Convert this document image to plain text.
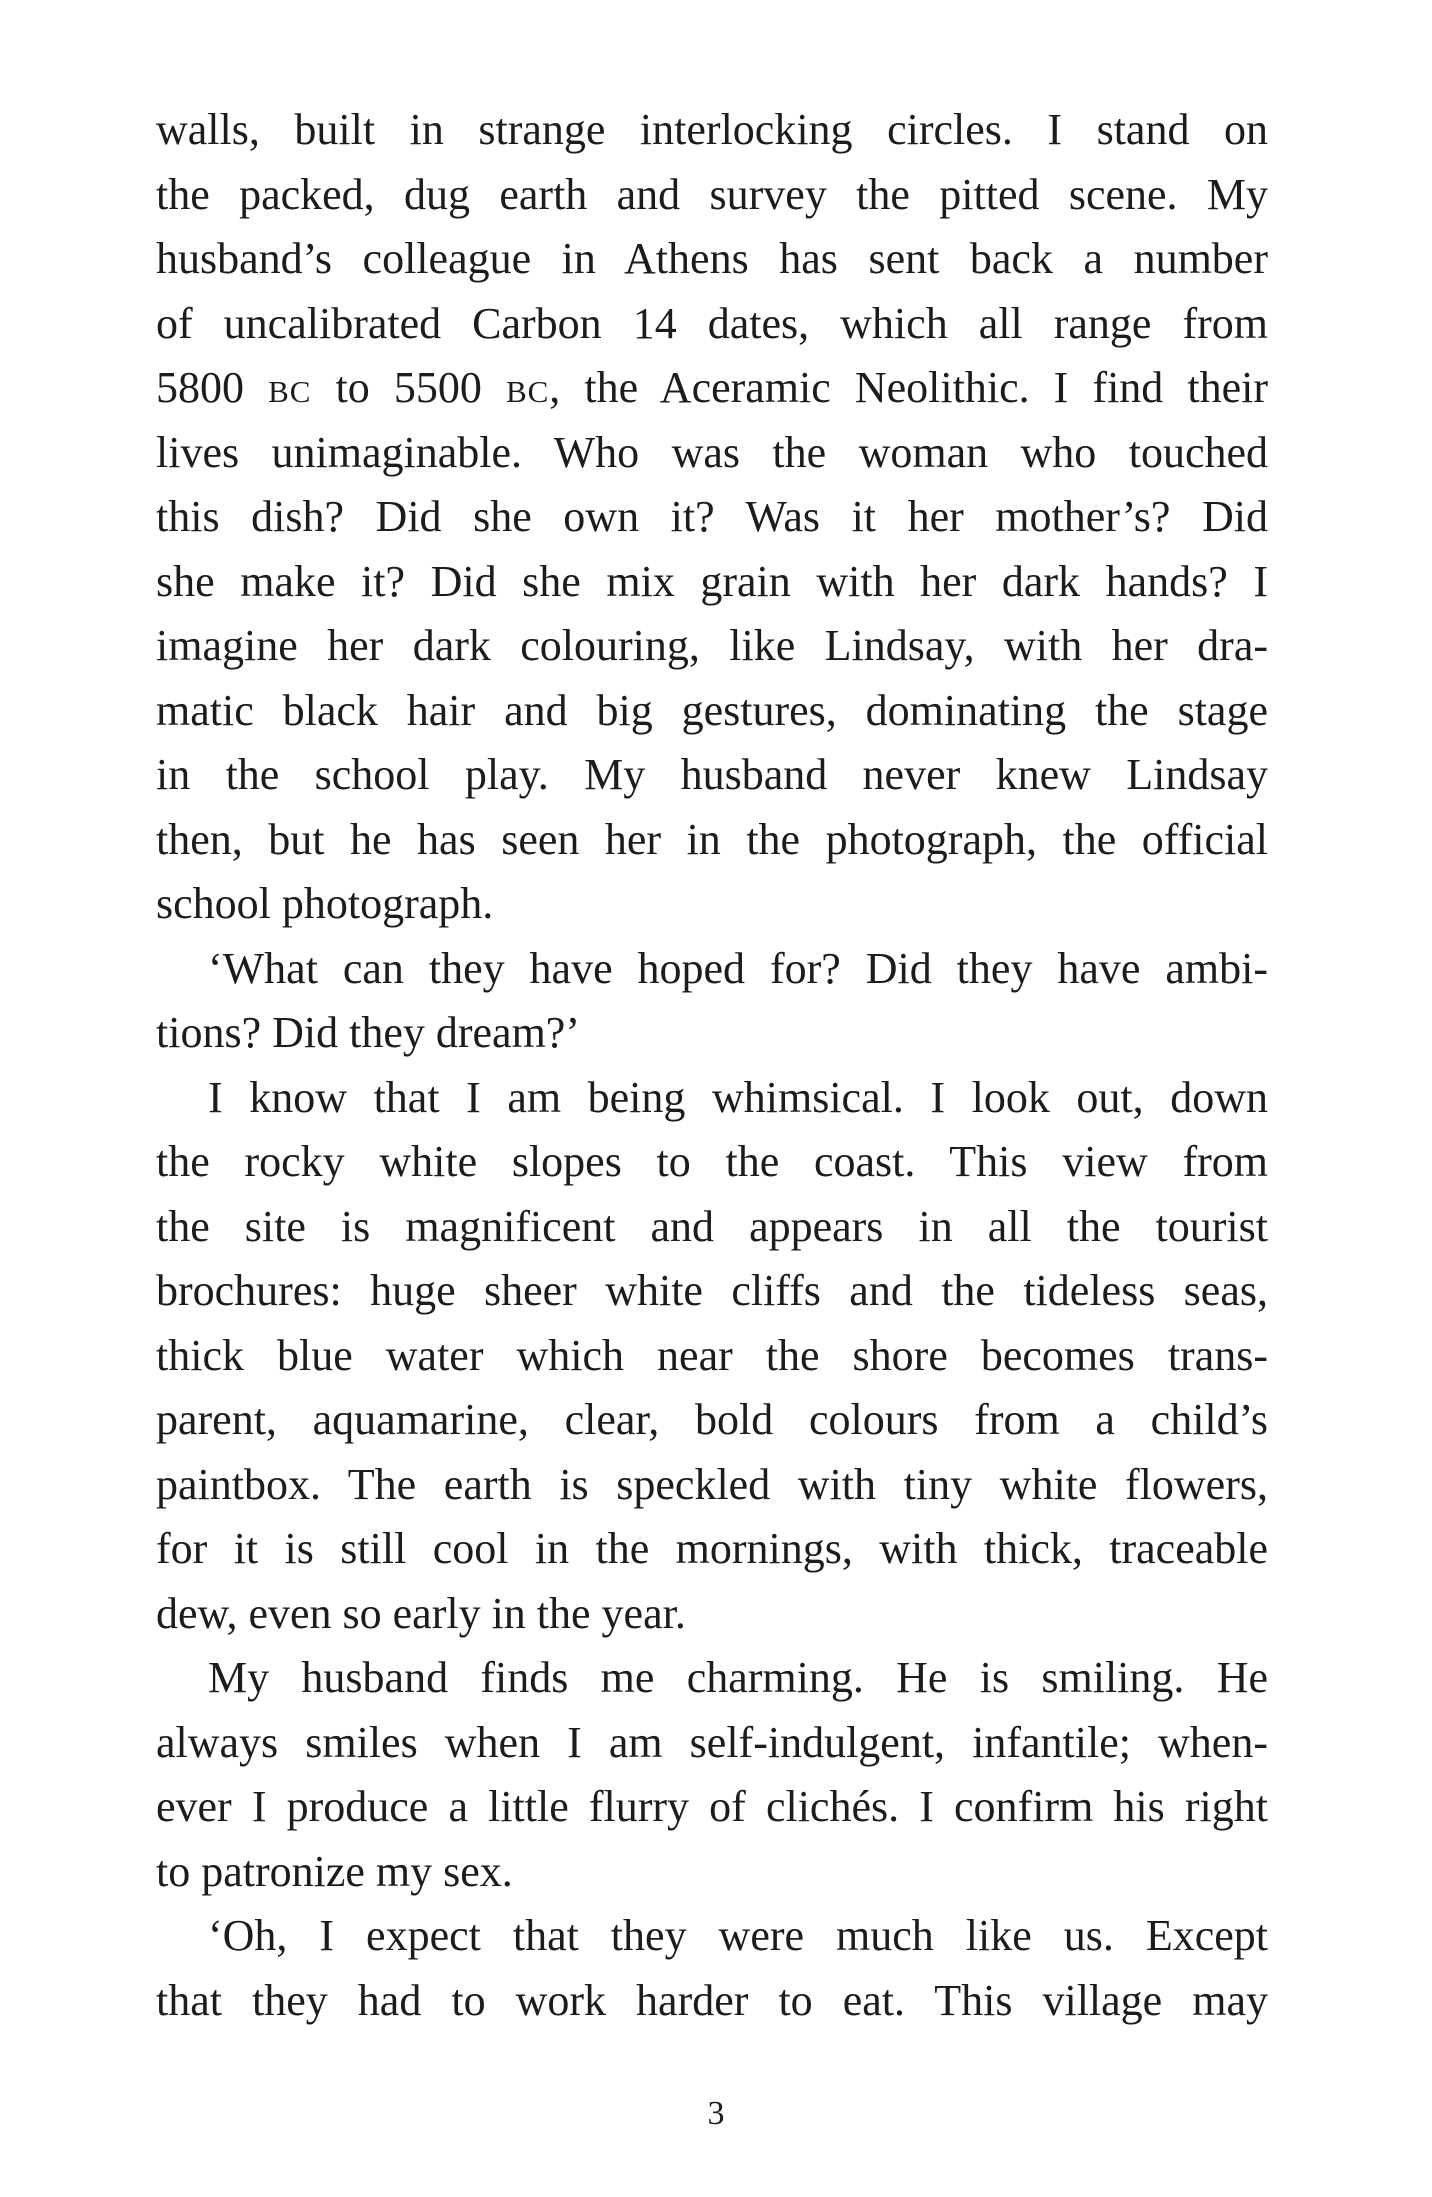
walls, built in strange interlocking circles. I stand on
the packed, dug earth and survey the pitted scene. My
husband’s colleague in Athens has sent back a number
of uncalibrated Carbon 14 dates, which all range from
5800 BC to 5500 BC, the Aceramic Neolithic. I find their
lives unimaginable. Who was the woman who touched
this dish? Did she own it? Was it her mother’s? Did
she make it? Did she mix grain with her dark hands? I
imagine her dark colouring, like Lindsay, with her dra-
matic black hair and big gestures, dominating the stage
in the school play. My husband never knew Lindsay
then, but he has seen her in the photograph, the official
school photograph.
‘What can they have hoped for? Did they have ambi-
tions? Did they dream?’
I know that I am being whimsical. I look out, down
the rocky white slopes to the coast. This view from
the site is magnificent and appears in all the tourist
brochures: huge sheer white cliffs and the tideless seas,
thick blue water which near the shore becomes trans-
parent, aquamarine, clear, bold colours from a child’s
paintbox. The earth is speckled with tiny white flowers,
for it is still cool in the mornings, with thick, traceable
dew, even so early in the year.
My husband finds me charming. He is smiling. He
always smiles when I am self-indulgent, infantile; when-
ever I produce a little flurry of clichés. I confirm his right
to patronize my sex.
‘Oh, I expect that they were much like us. Except
that they had to work harder to eat. This village may
3
